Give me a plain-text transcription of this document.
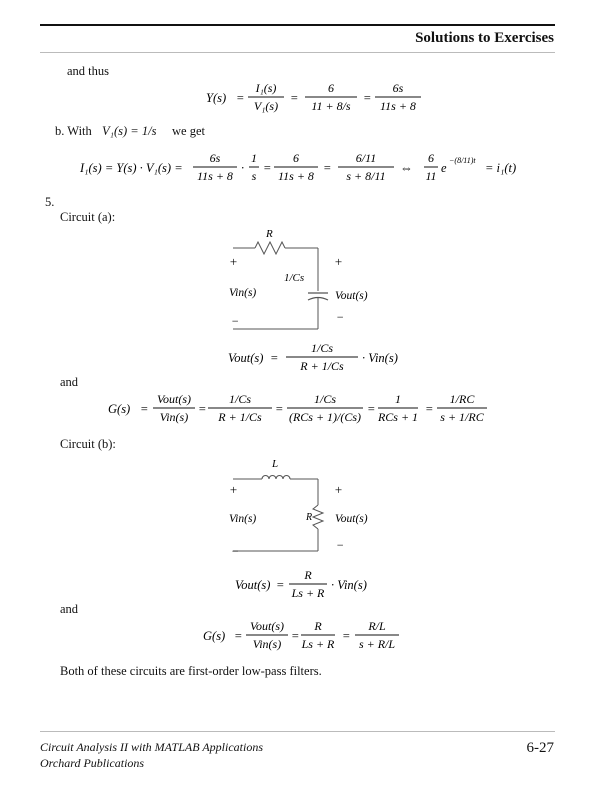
Solutions to Exercises
and thus
Y(s) =
I₁(s)
V₁(s)
=
6
11 + 8/s
=
6s
11s + 8
b. With V₁(s) = 1/s we get
I₁(s) = Y(s) · V₁(s) =
6s
11s + 8
·
1
s
=
6
11s + 8
=
6/11
s + 8/11
⇔
6
11
e
−(8/11)t
= i₁(t)
5.
Circuit (a):
R
1/Cs
+	+
Vin(s)	Vout(s)
−	−
Vout(s) =
1/Cs
R + 1/Cs
· Vin(s)
and
G(s) =
Vout(s)
Vin(s)
=
1/Cs
R + 1/Cs
=
1/Cs
(RCs + 1)/(Cs)
=
1
RCs + 1
=
1/RC
s + 1/RC
Circuit (b):
L
R
+	+
Vin(s)	Vout(s)
−	−
Vout(s) =
R
Ls + R
· Vin(s)
and
G(s) =
Vout(s)
Vin(s)
=
R
Ls + R
=
R/L
s + R/L
Both of these circuits are first-order low-pass filters.
Circuit Analysis II with MATLAB Applications
Orchard Publications
6-27
